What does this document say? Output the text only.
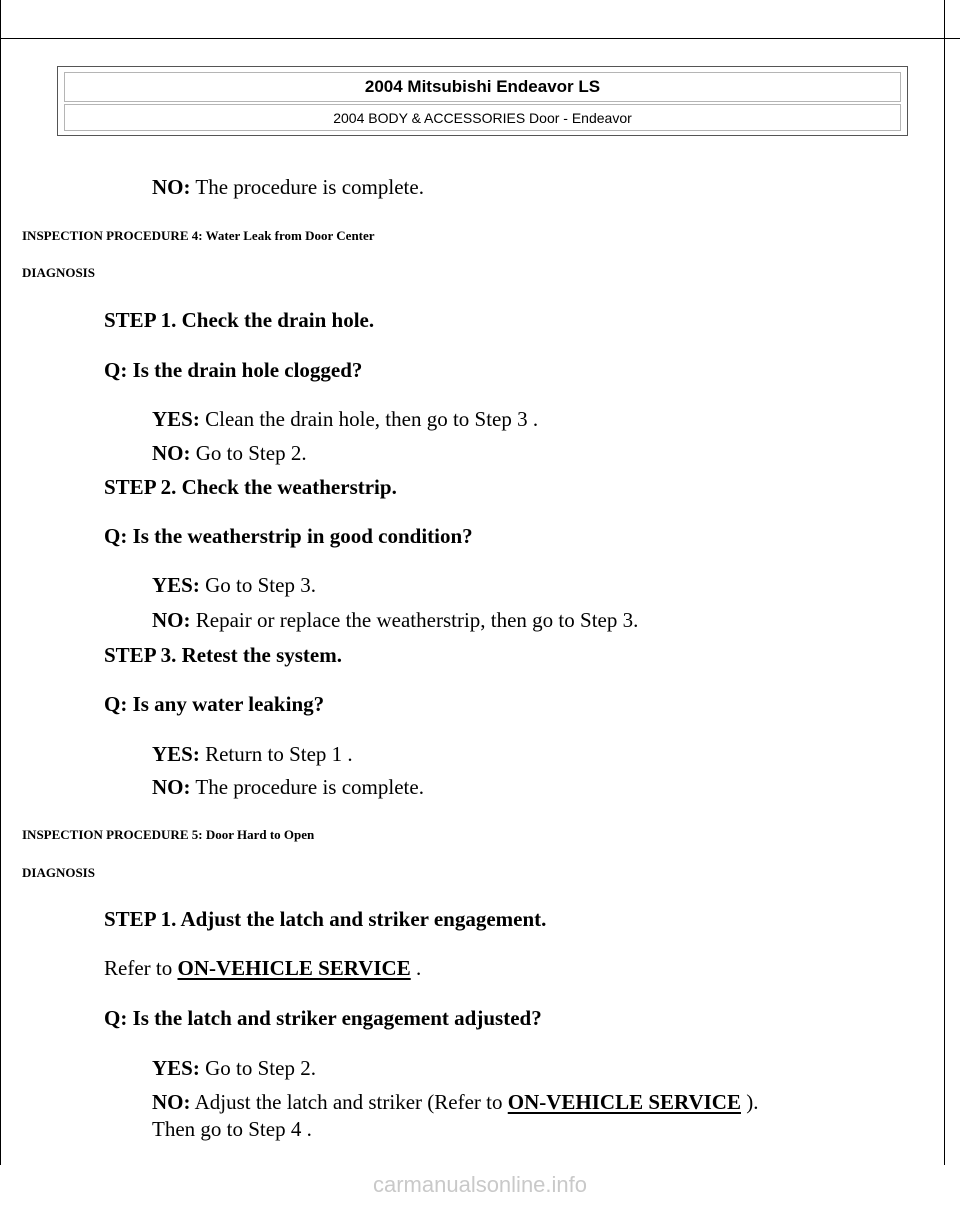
2004 Mitsubishi Endeavor LS
2004 BODY & ACCESSORIES Door - Endeavor
NO: The procedure is complete.
INSPECTION PROCEDURE 4: Water Leak from Door Center
DIAGNOSIS
STEP 1. Check the drain hole.
Q: Is the drain hole clogged?
YES: Clean the drain hole, then go to Step 3 .
NO: Go to Step 2.
STEP 2. Check the weatherstrip.
Q: Is the weatherstrip in good condition?
YES: Go to Step 3.
NO: Repair or replace the weatherstrip, then go to Step 3.
STEP 3. Retest the system.
Q: Is any water leaking?
YES: Return to Step 1 .
NO: The procedure is complete.
INSPECTION PROCEDURE 5: Door Hard to Open
DIAGNOSIS
STEP 1. Adjust the latch and striker engagement.
Refer to ON-VEHICLE SERVICE .
Q: Is the latch and striker engagement adjusted?
YES: Go to Step 2.
NO: Adjust the latch and striker (Refer to ON-VEHICLE SERVICE ).
Then go to Step 4 .
carmanualsonline.info
